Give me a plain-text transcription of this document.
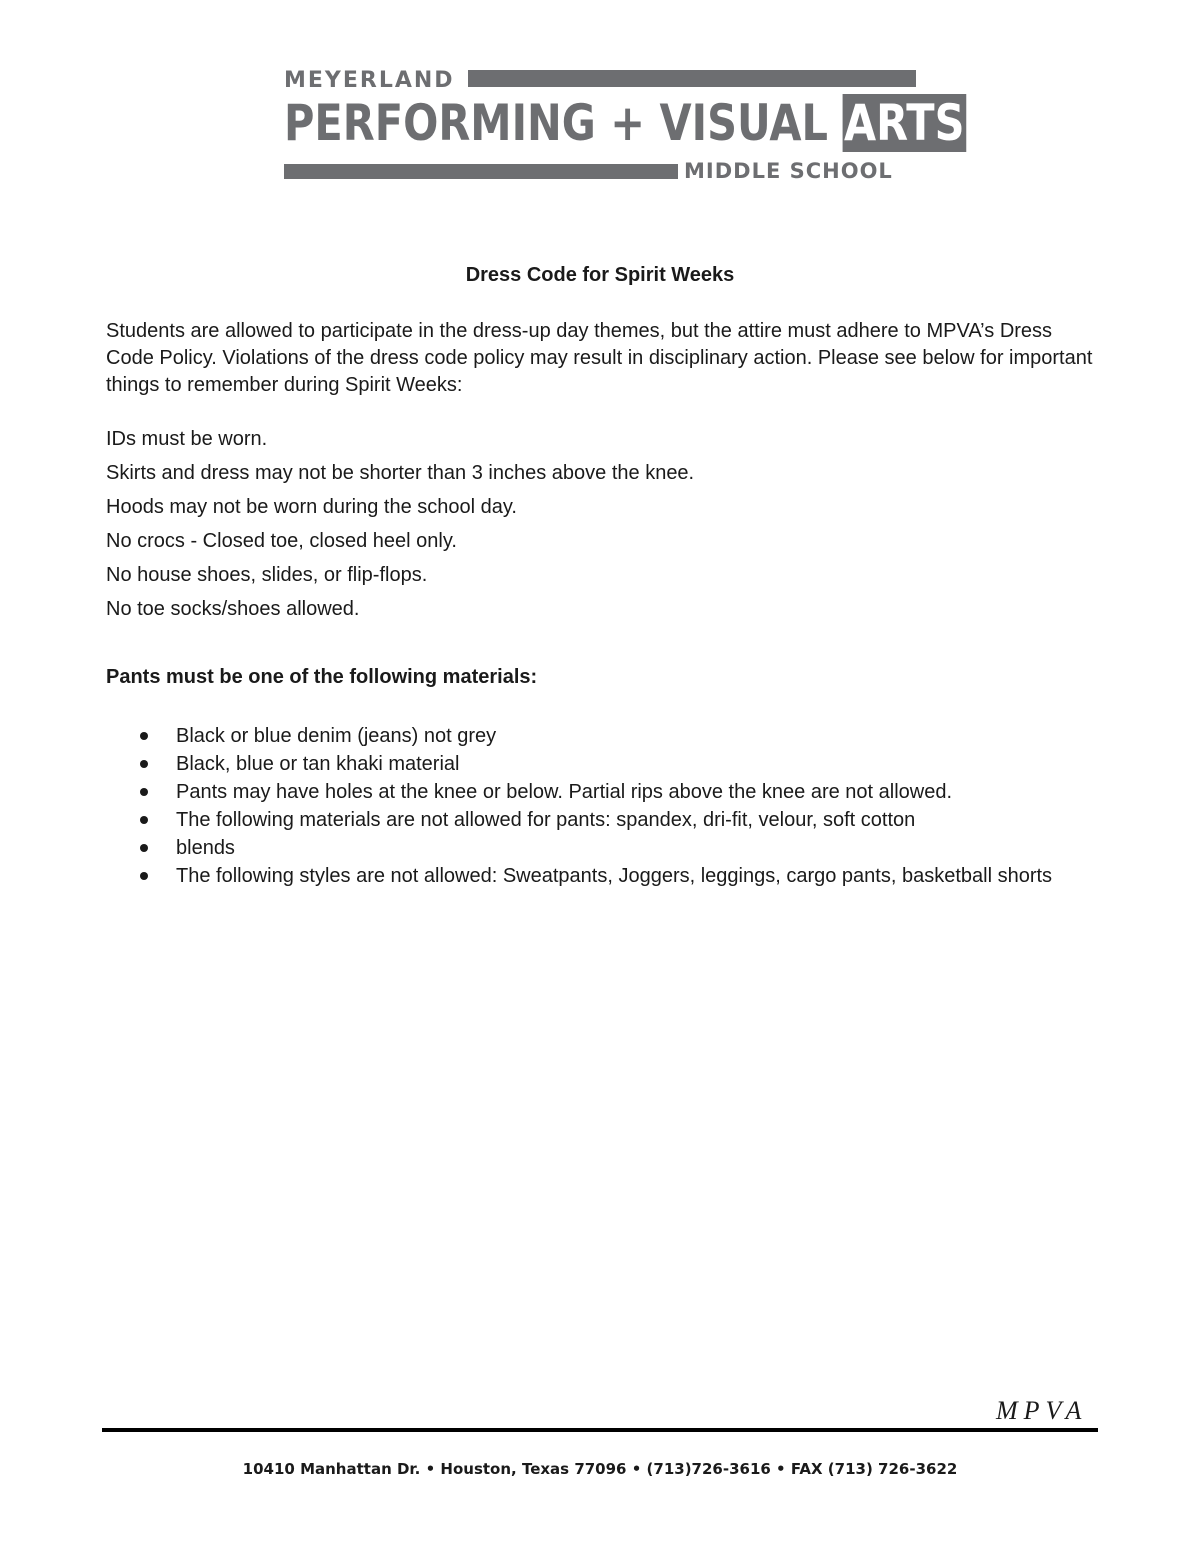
MEYERLAND
PERFORMING + VISUAL ARTS
MIDDLE SCHOOL
Dress Code for Spirit Weeks
Students are allowed to participate in the dress-up day themes, but the attire must adhere to MPVA’s Dress Code Policy. Violations of the dress code policy may result in disciplinary action. Please see below for important things to remember during Spirit Weeks:
IDs must be worn.
Skirts and dress may not be shorter than 3 inches above the knee.
Hoods may not be worn during the school day.
No crocs - Closed toe, closed heel only.
No house shoes, slides, or flip-flops.
No toe socks/shoes allowed.
Pants must be one of the following materials:
Black or blue denim (jeans) not grey
Black, blue or tan khaki material
Pants may have holes at the knee or below. Partial rips above the knee are not allowed.
The following materials are not allowed for pants: spandex, dri-fit, velour, soft cotton
blends
The following styles are not allowed: Sweatpants, Joggers, leggings, cargo pants, basketball shorts
MPVA
10410 Manhattan Dr. • Houston, Texas 77096 • (713)726-3616 • FAX (713) 726-3622
